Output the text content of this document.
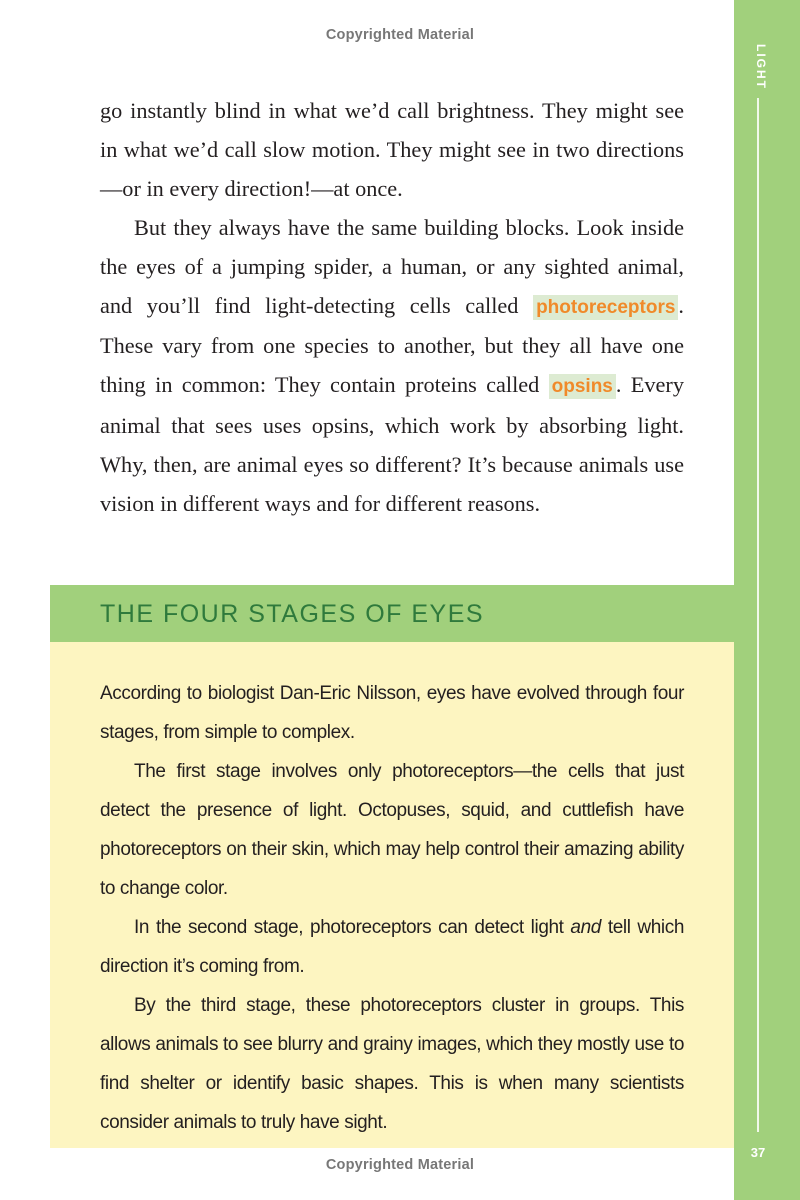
Copyrighted Material
LIGHT
37

go instantly blind in what we’d call brightness. They might see in what we’d call slow motion. They might see in two directions—or in every direction!—at once.

But they always have the same building blocks. Look inside the eyes of a jumping spider, a human, or any sighted animal, and you’ll find light-detecting cells called photoreceptors . These vary from one species to another, but they all have one thing in common: They contain proteins called opsins . Every animal that sees uses opsins, which work by absorbing light. Why, then, are animal eyes so different? It’s because animals use vision in different ways and for different reasons.

THE FOUR STAGES OF EYES

According to biologist Dan-Eric Nilsson, eyes have evolved through four stages, from simple to complex.

The first stage involves only photoreceptors—the cells that just detect the presence of light. Octopuses, squid, and cuttlefish have photoreceptors on their skin, which may help control their amazing ability to change color.

In the second stage, photoreceptors can detect light and tell which direction it’s coming from.

By the third stage, these photoreceptors cluster in groups. This allows animals to see blurry and grainy images, which they mostly use to find shelter or identify basic shapes. This is when many scientists consider animals to truly have sight.

Copyrighted Material
